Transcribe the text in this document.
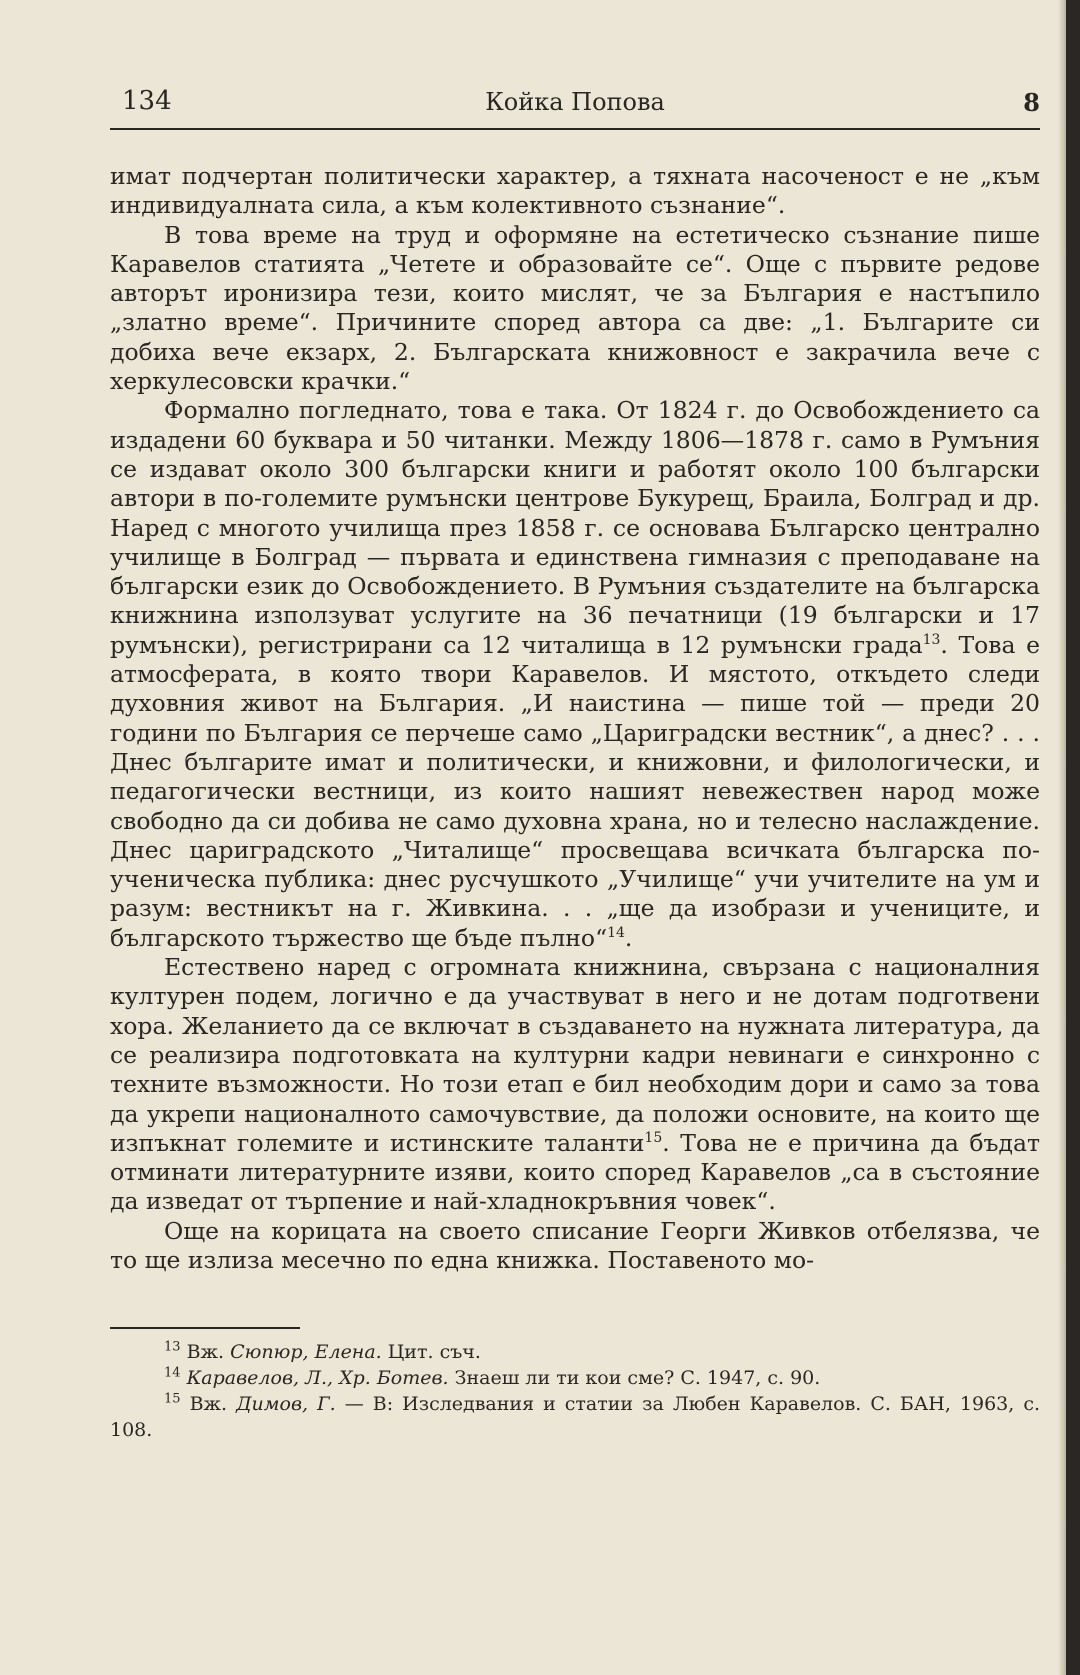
134	Койка Попова	8

имат подчертан политически характер, а тяхната насоченост е не „към индивидуалната сила, а към колективното съзнание“.

В това време на труд и оформяне на естетическо съзнание пише Каравелов статията „Четете и образовайте се“. Още с първите редове авторът иронизира тези, които мислят, че за България е настъпило „златно време“. Причините според автора са две: „1. Българите си добиха вече екзарх, 2. Българската книжовност е закрачила вече с херкулесовски крачки.“

Формално погледнато, това е така. От 1824 г. до Освобождението са издадени 60 буквара и 50 читанки. Между 1806—1878 г. само в Румъния се издават около 300 български книги и работят около 100 български автори в по-големите румънски центрове Букурещ, Браила, Болград и др. Наред с многото училища през 1858 г. се основава Българско централно училище в Болград — първата и единствена гимназия с преподаване на български език до Освобождението. В Румъния създателите на българска книжнина използуват услугите на 36 печатници (19 български и 17 румънски), регистрирани са 12 читалища в 12 румънски града$^{13}$. Това е атмосферата, в която твори Каравелов. И мястото, откъдето следи духовния живот на България. „И наистина — пише той — преди 20 години по България се перчеше само „Цариградски вестник“, а днес? . . . Днес българите имат и политически, и книжовни, и филологически, и педагогически вестници, из които нашият невежествен народ може свободно да си добива не само духовна храна, но и телесно наслаждение. Днес цариградското „Читалище“ просвещава всичката българска по-ученическа публика: днес русчушкото „Училище“ учи учителите на ум и разум: вестникът на г. Живкина. . . „ще да изобрази и учениците, и българското тържество ще бъде пълно“$^{14}$.

Естествено наред с огромната книжнина, свързана с националния културен подем, логично е да участвуват в него и не дотам подготвени хора. Желанието да се включат в създаването на нужната литература, да се реализира подготовката на културни кадри невинаги е синхронно с техните възможности. Но този етап е бил необходим дори и само за това да укрепи националното самочувствие, да положи основите, на които ще изпъкнат големите и истинските таланти$^{15}$. Това не е причина да бъдат отминати литературните изяви, които според Каравелов „са в състояние да изведат от търпение и най-хладнокръвния човек“.

Още на корицата на своето списание Георги Живков отбелязва, че то ще излиза месечно по една книжка. Поставеното мо-

$^{13}$ Вж. Сюпюр, Елена. Цит. съч.

$^{14}$ Каравелов, Л., Хр. Ботев. Знаеш ли ти кои сме? С. 1947, с. 90.

$^{15}$ Вж. Димов, Г. — В: Изследвания и статии за Любен Каравелов. С. БАН, 1963, с. 108.
